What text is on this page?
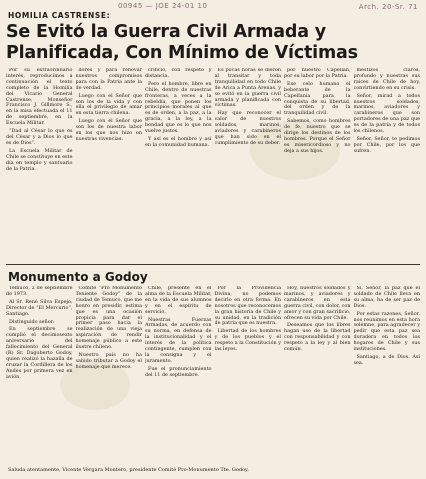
00945 — JOE 24-01 10	Arch. 20-Sr. 71
HOMILIA CASTRENSE:
Se Evitó la Guerra Civil Armada y Planificada, Con Mínimo de Víctimas

Por su extraordinario interés, reproducimos a continuación el texto completo de la Homilía del Vicario General Castrense, Monseñor Francisco J. Gillmore S., en la misa efectuada el 11 de septiembre, en la Escuela Militar.

“Dad al César lo que es del César y a Dios lo que es de Dios”.

La Escuela Militar de Chile se constituye en este día en templo y santuario de la Patria.

dores y para renovar nuestros compromisos para con la Patria ante la de verdad.

Luego con el Señor que son los de la vida y con ella el privilegio de amar en esta tierra chilena.

Luego con el Señor que son los de nuestra labor en los que nos hizo en nuestras vivencias.

crificio, con respeto y distancia.

Pero el hombre, libre en Chile, dentro de nuestras fronteras, a veces a la rebeldía, que ponen los principios morales al que es de orden, a la paz, a la gracia, a la ley, a la bondad que es lo que nos vuelve justos.

Y así es el hombre y así en la comunidad humana.

Es pocas horas se dieron al transitar y toda tranquilidad en todo Chile de Arica a Punta Arenas, y se evitó en la guerra civil armada y planificada con víctimas.

Hay que reconocer el valor de nuestros soldados, marinos, aviadores y carabineros que han sido en el cumplimiento de su deber.

por nuestro Capellán, por su labor por la Patria.

Ese celo humano el beberante de la Capellania para la conquista de su libertad, del orden y de la tranquilidad civil.

Sabemos, como hombres de fe, nuestro que se dirige los destinos de los hombres. Porque el Señor es misericordioso y no deja a sus hijos.

mestizos claros, profundo y nuestras sus raices de Chile de hoy, convirtiendo en su crisis.

Señor, mirad a todos nuestros soldados, marinos, aviadores y carabineros que son portadores de una paz que es de la patria y de todos los chilenos.

Señor, Señor, te pedimos por Chile, por los que sufren.

Monumento a Godoy

Temuco, 2 de septiembre de 1973.

Al Sr. René Silva Espejo, Director de “El Mercurio”, Santiago.

Distinguido señor:

En septiembre se cumplió el decimosexto aniversario del fallecimiento del General (R) Sr. Dagoberto Godoy, quien realizó la hazaña de cruzar la Cordillera de los Andes por primera vez en avión.

Comité “Pro Monumento Teniente Godoy” de la ciudad de Temuco, que me honro en presidir, estima que es una ocasión propicia para dar el primer paso hacia la realización de una vieja aspiración de rendir homenaje público a este ilustre chileno.

Nuestro país no ha sabido tributar a Godoy el homenaje que merece.

Chile, presente en el alma de la Escuela Militar, en la vida de sus alumnos y en el espíritu de servicio.

Nuestras Fuerzas Armadas, de acuerdo con su norma, en defensa de la institucionalidad y el interés de la política contingente, cumplen con la consigna y el juramento.

Fue el pronunciamiento del 11 de septiembre.

Por la Providencia Divina, no podemos decirlo en otra forma. En nosotros que reconocemos la gran historia de Chile y su unidad, en la tradición de patria que es nuestra.

Libertad de los hombres y de los pueblos y el respeto a la Constitución y las leyes.

Hoy, nuestros soldados y marinos, y aviadores y carabineros en esta guerra civil, con dolor, con amor y con gran sacrificio, ofrecen su vida por Chile.

Deseamos que los libres hagan uso de la libertad con responsabilidad y con respeto a la ley y al bien común.

Sí, Señor, la paz que el soldado de Chile lleva en su alma, ha de ser paz de Dios.

Por estas razones, Señor, nos reunimos en esta hora solemne, para agradecer y pedir que esta paz sea duradera en todos los hogares de Chile y sus instituciones.

Santiago, a de Dios. Así sea.

Saluda atentamente, Vicente Vergara Montero, presidente Comité Pro-Monumento Tte. Godoy.
